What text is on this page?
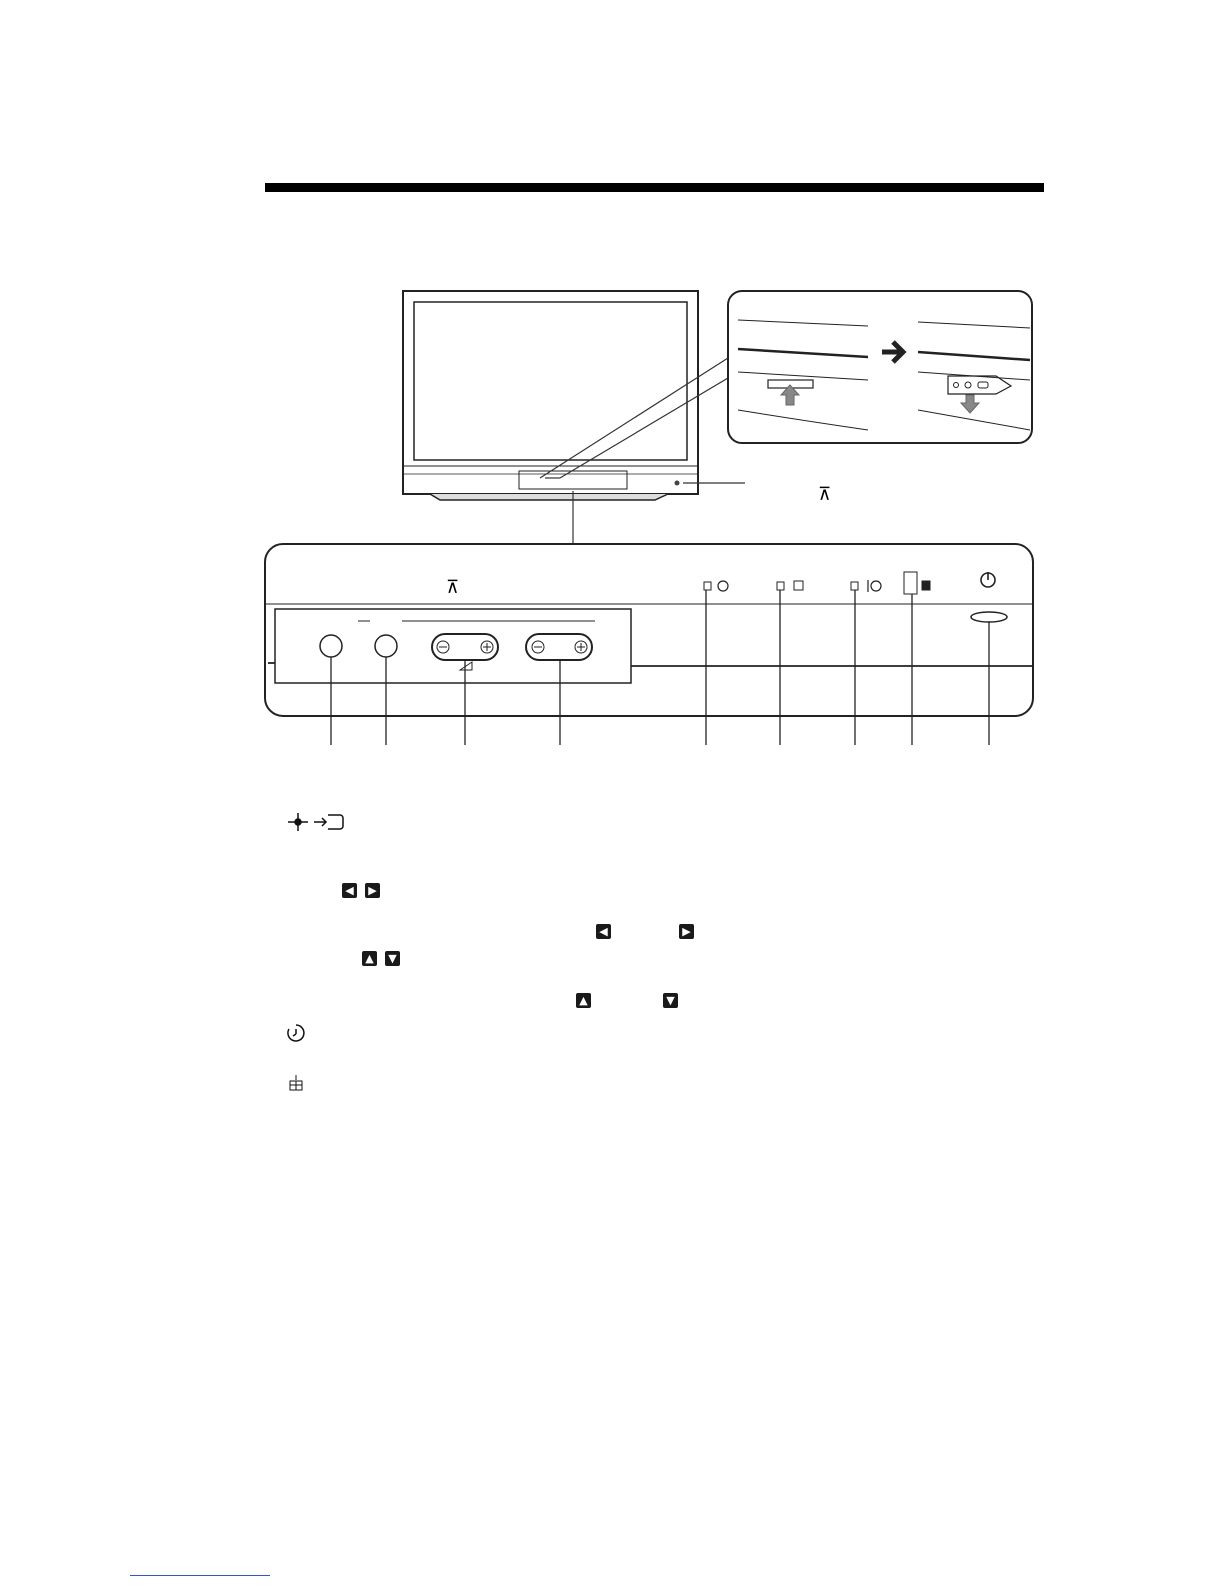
⊼
⊼
◀ ▶
◀	▶
▲ ▼
▲	▼
